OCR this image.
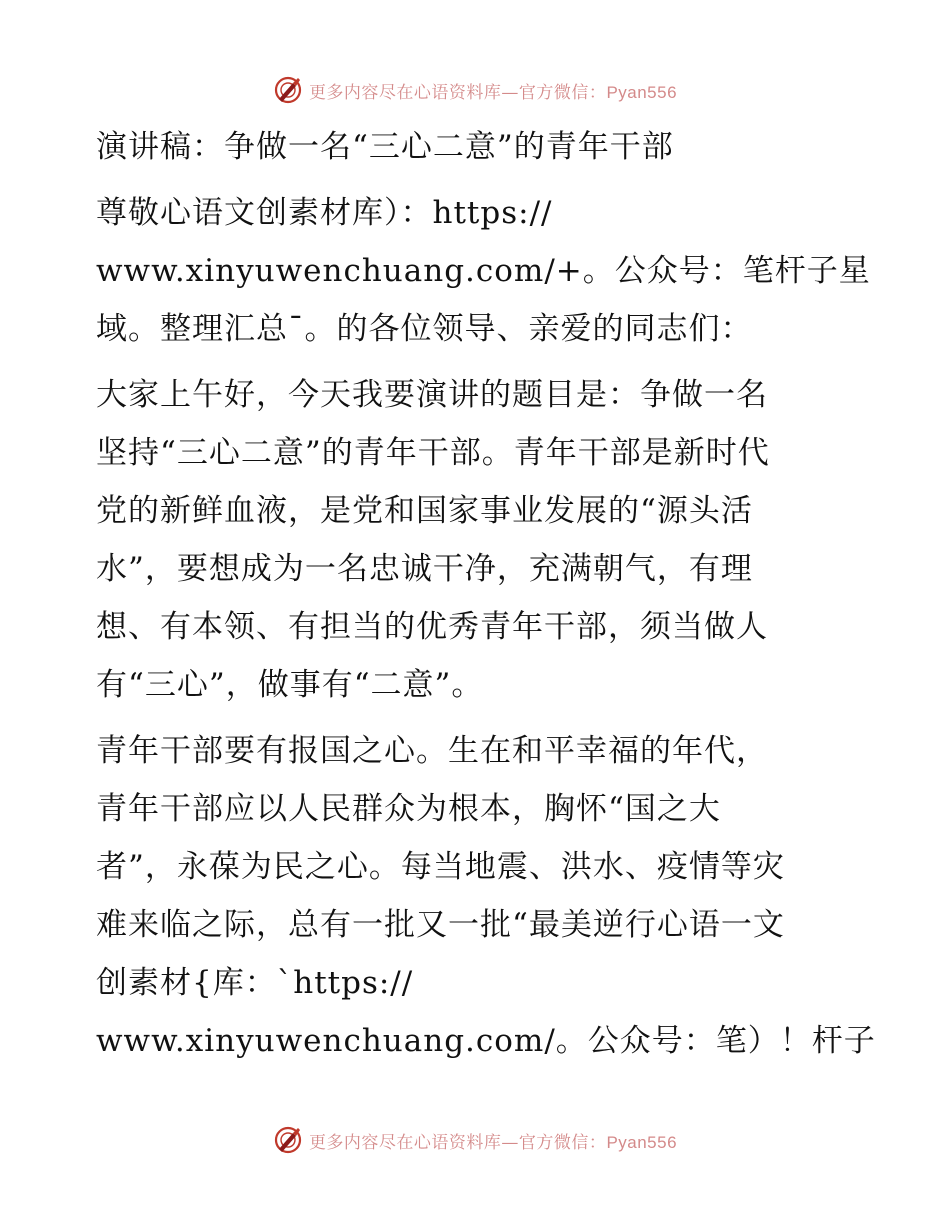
更多内容尽在心语资料库—官方微信：Pyan556
演讲稿：争做一名“三心二意”的青年干部
尊敬心语文创素材库）：https://
www.xinyuwenchuang.com/+。公众号：笔杆子星
域。整理汇总¯。的各位领导、亲爱的同志们：
大家上午好，今天我要演讲的题目是：争做一名
坚持“三心二意”的青年干部。青年干部是新时代
党的新鲜血液，是党和国家事业发展的“源头活
水”，要想成为一名忠诚干净，充满朝气，有理
想、有本领、有担当的优秀青年干部，须当做人
有“三心”，做事有“二意”。
青年干部要有报国之心。生在和平幸福的年代，
青年干部应以人民群众为根本，胸怀“国之大
者”，永葆为民之心。每当地震、洪水、疫情等灾
难来临之际，总有一批又一批“最美逆行心语一文
创素材{库：`https://
www.xinyuwenchuang.com/。公众号：笔）！杆子
更多内容尽在心语资料库—官方微信：Pyan556
